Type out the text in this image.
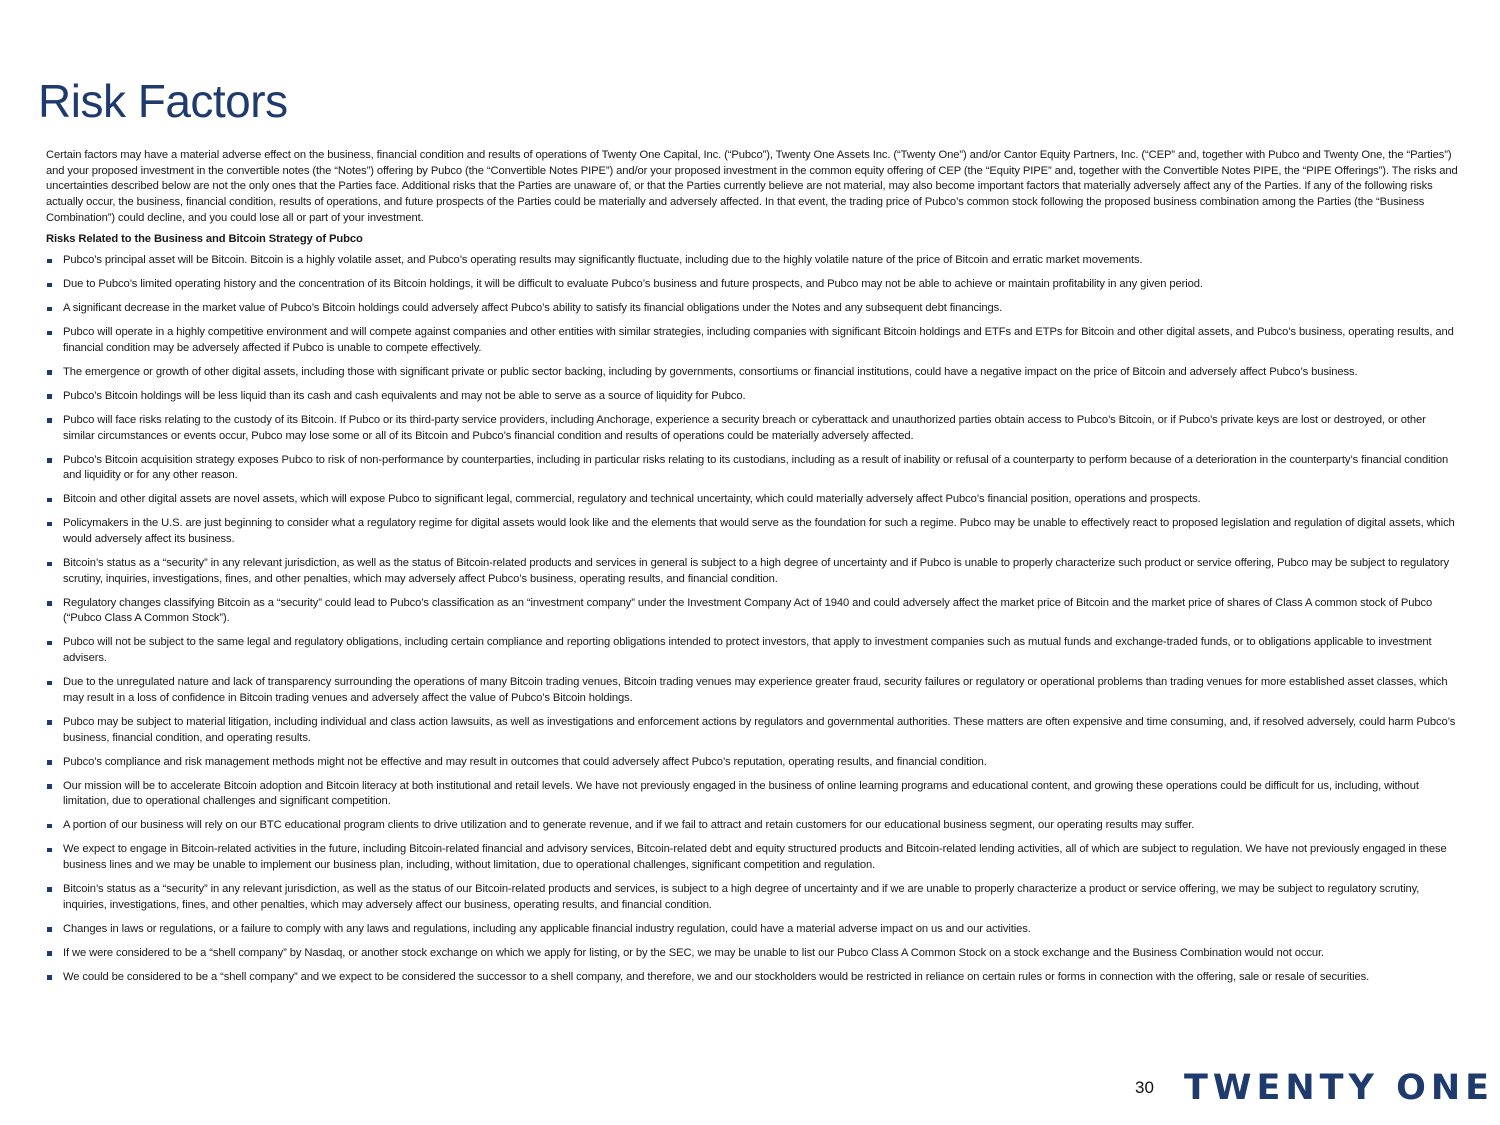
Risk Factors

Certain factors may have a material adverse effect on the business, financial condition and results of operations of Twenty One Capital, Inc. (“Pubco”), Twenty One Assets Inc. (“Twenty One”) and/or Cantor Equity Partners, Inc. (“CEP” and, together with Pubco and Twenty One, the “Parties”) and your proposed investment in the convertible notes (the “Notes”) offering by Pubco (the “Convertible Notes PIPE”) and/or your proposed investment in the common equity offering of CEP (the “Equity PIPE” and, together with the Convertible Notes PIPE, the “PIPE Offerings”). The risks and uncertainties described below are not the only ones that the Parties face. Additional risks that the Parties are unaware of, or that the Parties currently believe are not material, may also become important factors that materially adversely affect any of the Parties. If any of the following risks actually occur, the business, financial condition, results of operations, and future prospects of the Parties could be materially and adversely affected. In that event, the trading price of Pubco’s common stock following the proposed business combination among the Parties (the “Business Combination”) could decline, and you could lose all or part of your investment.

Risks Related to the Business and Bitcoin Strategy of Pubco

Pubco’s principal asset will be Bitcoin. Bitcoin is a highly volatile asset, and Pubco’s operating results may significantly fluctuate, including due to the highly volatile nature of the price of Bitcoin and erratic market movements.
Due to Pubco’s limited operating history and the concentration of its Bitcoin holdings, it will be difficult to evaluate Pubco’s business and future prospects, and Pubco may not be able to achieve or maintain profitability in any given period.
A significant decrease in the market value of Pubco’s Bitcoin holdings could adversely affect Pubco’s ability to satisfy its financial obligations under the Notes and any subsequent debt financings.
Pubco will operate in a highly competitive environment and will compete against companies and other entities with similar strategies, including companies with significant Bitcoin holdings and ETFs and ETPs for Bitcoin and other digital assets, and Pubco’s business, operating results, and financial condition may be adversely affected if Pubco is unable to compete effectively.
The emergence or growth of other digital assets, including those with significant private or public sector backing, including by governments, consortiums or financial institutions, could have a negative impact on the price of Bitcoin and adversely affect Pubco’s business.
Pubco’s Bitcoin holdings will be less liquid than its cash and cash equivalents and may not be able to serve as a source of liquidity for Pubco.
Pubco will face risks relating to the custody of its Bitcoin. If Pubco or its third-party service providers, including Anchorage, experience a security breach or cyberattack and unauthorized parties obtain access to Pubco’s Bitcoin, or if Pubco’s private keys are lost or destroyed, or other similar circumstances or events occur, Pubco may lose some or all of its Bitcoin and Pubco’s financial condition and results of operations could be materially adversely affected.
Pubco’s Bitcoin acquisition strategy exposes Pubco to risk of non-performance by counterparties, including in particular risks relating to its custodians, including as a result of inability or refusal of a counterparty to perform because of a deterioration in the counterparty’s financial condition and liquidity or for any other reason.
Bitcoin and other digital assets are novel assets, which will expose Pubco to significant legal, commercial, regulatory and technical uncertainty, which could materially adversely affect Pubco’s financial position, operations and prospects.
Policymakers in the U.S. are just beginning to consider what a regulatory regime for digital assets would look like and the elements that would serve as the foundation for such a regime. Pubco may be unable to effectively react to proposed legislation and regulation of digital assets, which would adversely affect its business.
Bitcoin’s status as a “security” in any relevant jurisdiction, as well as the status of Bitcoin-related products and services in general is subject to a high degree of uncertainty and if Pubco is unable to properly characterize such product or service offering, Pubco may be subject to regulatory scrutiny, inquiries, investigations, fines, and other penalties, which may adversely affect Pubco’s business, operating results, and financial condition.
Regulatory changes classifying Bitcoin as a “security” could lead to Pubco’s classification as an “investment company” under the Investment Company Act of 1940 and could adversely affect the market price of Bitcoin and the market price of shares of Class A common stock of Pubco (“Pubco Class A Common Stock”).
Pubco will not be subject to the same legal and regulatory obligations, including certain compliance and reporting obligations intended to protect investors, that apply to investment companies such as mutual funds and exchange-traded funds, or to obligations applicable to investment advisers.
Due to the unregulated nature and lack of transparency surrounding the operations of many Bitcoin trading venues, Bitcoin trading venues may experience greater fraud, security failures or regulatory or operational problems than trading venues for more established asset classes, which may result in a loss of confidence in Bitcoin trading venues and adversely affect the value of Pubco’s Bitcoin holdings.
Pubco may be subject to material litigation, including individual and class action lawsuits, as well as investigations and enforcement actions by regulators and governmental authorities. These matters are often expensive and time consuming, and, if resolved adversely, could harm Pubco’s business, financial condition, and operating results.
Pubco’s compliance and risk management methods might not be effective and may result in outcomes that could adversely affect Pubco’s reputation, operating results, and financial condition.
Our mission will be to accelerate Bitcoin adoption and Bitcoin literacy at both institutional and retail levels. We have not previously engaged in the business of online learning programs and educational content, and growing these operations could be difficult for us, including, without limitation, due to operational challenges and significant competition.
A portion of our business will rely on our BTC educational program clients to drive utilization and to generate revenue, and if we fail to attract and retain customers for our educational business segment, our operating results may suffer.
We expect to engage in Bitcoin-related activities in the future, including Bitcoin-related financial and advisory services, Bitcoin-related debt and equity structured products and Bitcoin-related lending activities, all of which are subject to regulation. We have not previously engaged in these business lines and we may be unable to implement our business plan, including, without limitation, due to operational challenges, significant competition and regulation.
Bitcoin’s status as a “security” in any relevant jurisdiction, as well as the status of our Bitcoin-related products and services, is subject to a high degree of uncertainty and if we are unable to properly characterize a product or service offering, we may be subject to regulatory scrutiny, inquiries, investigations, fines, and other penalties, which may adversely affect our business, operating results, and financial condition.
Changes in laws or regulations, or a failure to comply with any laws and regulations, including any applicable financial industry regulation, could have a material adverse impact on us and our activities.
If we were considered to be a “shell company” by Nasdaq, or another stock exchange on which we apply for listing, or by the SEC, we may be unable to list our Pubco Class A Common Stock on a stock exchange and the Business Combination would not occur.
We could be considered to be a “shell company” and we expect to be considered the successor to a shell company, and therefore, we and our stockholders would be restricted in reliance on certain rules or forms in connection with the offering, sale or resale of securities.
30 TWENTY ONE
